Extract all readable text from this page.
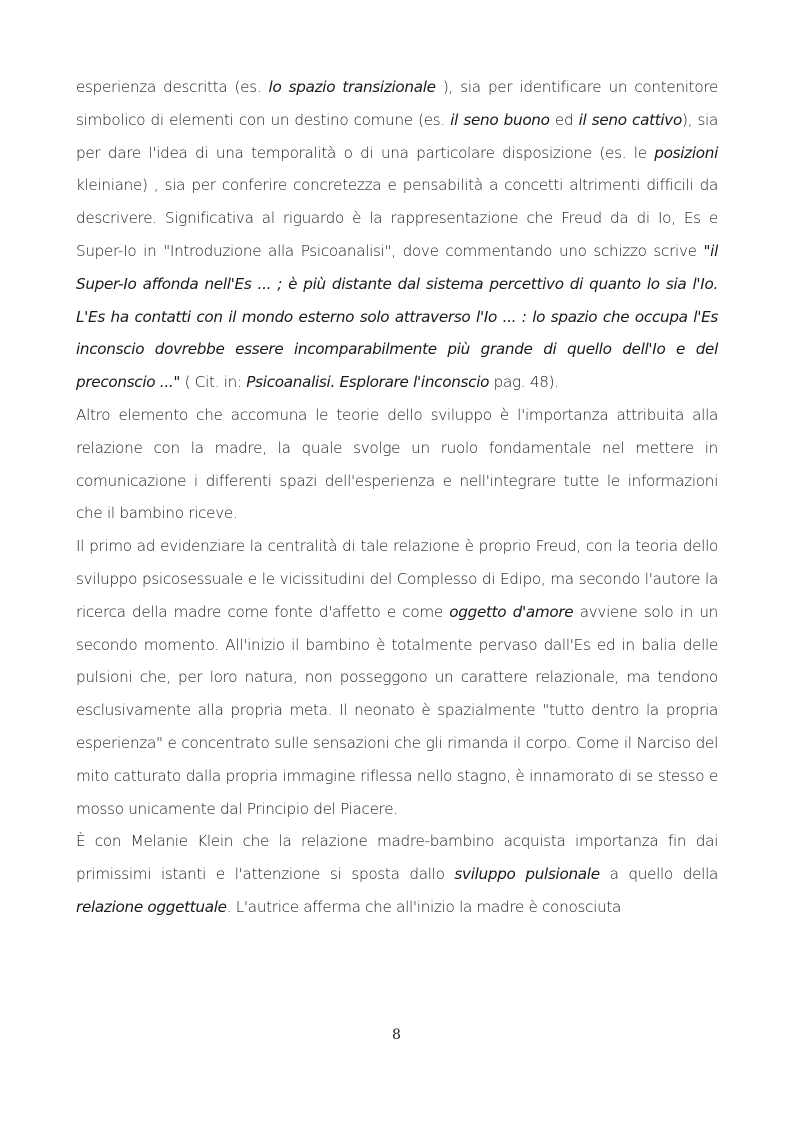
esperienza descritta (es. lo spazio transizionale ), sia per identificare un contenitore simbolico di elementi con un destino comune (es. il seno buono ed il seno cattivo), sia per dare l'idea di una temporalità o di una particolare disposizione (es. le posizioni kleiniane) , sia per conferire concretezza e pensabilità a concetti altrimenti difficili da descrivere. Significativa al riguardo è la rappresentazione che Freud da di Io, Es e Super-Io in "Introduzione alla Psicoanalisi", dove commentando uno schizzo scrive "il Super-Io affonda nell'Es ... ; è più distante dal sistema percettivo di quanto lo sia l'Io. L'Es ha contatti con il mondo esterno solo attraverso l'Io ... : lo spazio che occupa l'Es inconscio dovrebbe essere incomparabilmente più grande di quello dell'Io e del preconscio ..." ( Cit. in: Psicoanalisi. Esplorare l'inconscio pag. 48).

Altro elemento che accomuna le teorie dello sviluppo è l'importanza attribuita alla relazione con la madre, la quale svolge un ruolo fondamentale nel mettere in comunicazione i differenti spazi dell'esperienza e nell'integrare tutte le informazioni che il bambino riceve.

Il primo ad evidenziare la centralità di tale relazione è proprio Freud, con la teoria dello sviluppo psicosessuale e le vicissitudini del Complesso di Edipo, ma secondo l'autore la ricerca della madre come fonte d'affetto e come oggetto d'amore avviene solo in un secondo momento. All'inizio il bambino è totalmente pervaso dall'Es ed in balia delle pulsioni che, per loro natura, non posseggono un carattere relazionale, ma tendono esclusivamente alla propria meta. Il neonato è spazialmente "tutto dentro la propria esperienza" e concentrato sulle sensazioni che gli rimanda il corpo. Come il Narciso del mito catturato dalla propria immagine riflessa nello stagno, è innamorato di se stesso e mosso unicamente dal Principio del Piacere.

È con Melanie Klein che la relazione madre-bambino acquista importanza fin dai primissimi istanti e l'attenzione si sposta dallo sviluppo pulsionale a quello della relazione oggettuale. L'autrice afferma che all'inizio la madre è conosciuta

8
